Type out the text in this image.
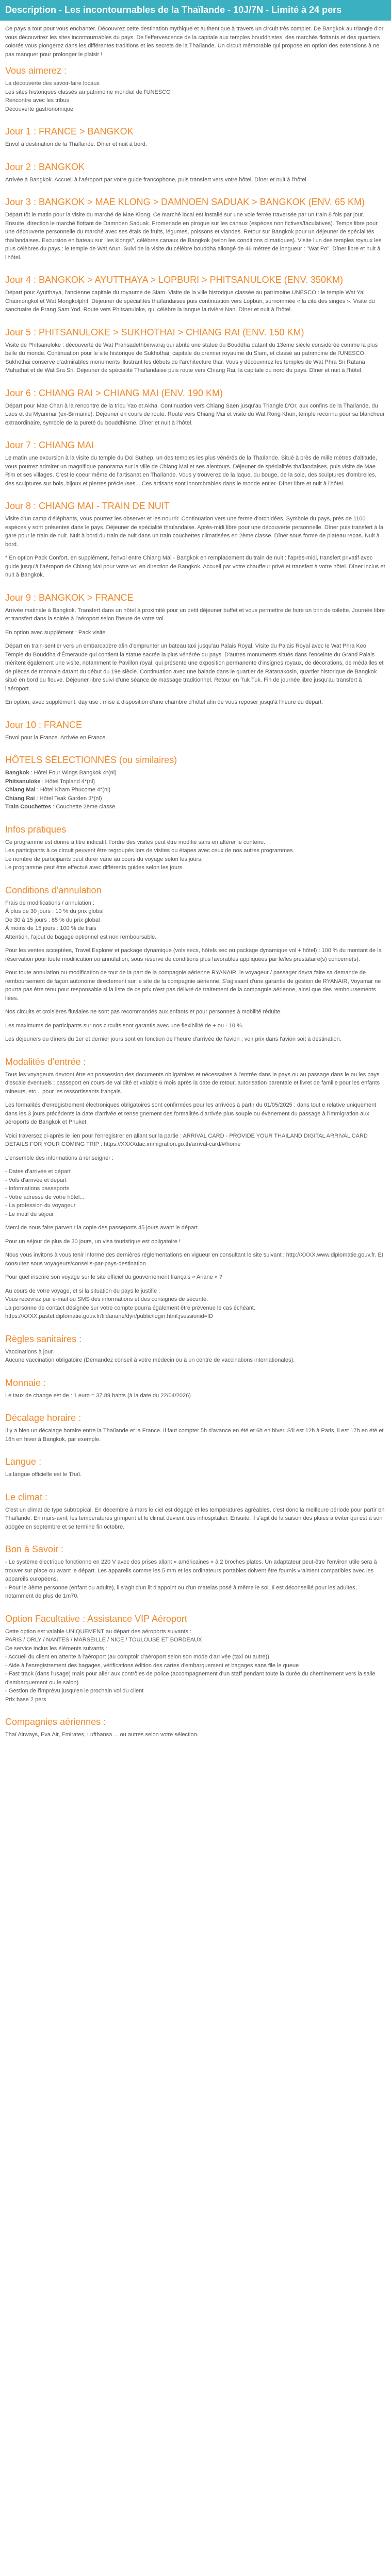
Description - Les incontournables de la Thaïlande - 10J/7N - Limité à 24 pers

Ce pays a tout pour vous enchanter. Découvrez cette destination mythique et authentique à travers un circuit très complet. De Bangkok au triangle d'or, vous découvrirez les sites incontournables du pays. De l'effervescence de la capitale aux temples bouddhistes, des marchés flottants et des quartiers colorés vous plongerez dans les différentes traditions et les secrets de la Thaïlande. Un circuit mémorable qui propose en option des extensions à ne pas manquer pour prolonger le plaisir !

Vous aimerez :
La découverte des savoir-faire locaux
Les sites historiques classés au patrimoine mondial de l'UNESCO
Rencontre avec les tribus
Découverte gastronomique
Jour 1 : FRANCE > BANGKOK

Envol à destination de la Thaïlande. Dîner et nuit à bord.

Jour 2 : BANGKOK

Arrivée à Bangkok. Accueil à l'aéroport par votre guide francophone, puis transfert vers votre hôtel. Dîner et nuit à l'hôtel.

Jour 3 : BANGKOK > MAE KLONG > DAMNOEN SADUAK > BANGKOK (ENV. 65 KM)

Départ tôt le matin pour la visite du marché de Mae Klong. Ce marché local est installé sur une voie ferrée traversée par un train 8 fois par jour. Ensuite, direction le marché flottant de Damnoen Saduak. Promenade en pirogue sur les canaux (espèces non fictives/faculatives). Temps libre pour une découverte personnelle du marché avec ses étals de fruits, légumes, poissons et viandes. Retour sur Bangkok pour un déjeuner de spécialités thaïlandaises. Excursion en bateau sur "les klongs", célèbres canaux de Bangkok (selon les conditions climatiques). Visite l'un des temples royaux les plus célèbres du pays : le temple de Wat Arun. Suivi de la visite du célèbre bouddha allongé de 46 mètres de longueur : "Wat Po". Dîner libre et nuit à l'hôtel.

Jour 4 : BANGKOK > AYUTTHAYA > LOPBURI > PHITSANULOKE (ENV. 350KM)

Départ pour Ayutthaya, l'ancienne capitale du royaume de Siam. Visite de la ville historique classée au patrimoine UNESCO : le temple Wat Yai Chaimongkol et Wat Mongkolphit. Déjeuner de spécialités thaïlandaises puis continuation vers Lopburi, surnommée « la cité des singes ». Visite du sanctuaire de Prang Sam Yod. Route vers Phitsanuloke, qui célèbre la langue la rivière Nan. Dîner et nuit à l'hôtel.

Jour 5 : PHITSANULOKE > SUKHOTHAI > CHIANG RAI (ENV. 150 KM)

Visite de Phitsanuloke : découverte de Wat Prahsadethbinwaraj qui abrite une statue du Bouddha datant du 13ème siècle considérée comme la plus belle du monde. Continuation pour le site historique de Sukhothai, capitale du premier royaume du Siam, et classé au patrimoine de l'UNESCO. Sukhothai conserve d'admirables monuments illustrant les débuts de l'architecture thaï. Vous y découvrirez les temples de Wat Phra Sri Ratana Mahathat et de Wat Sra Sri. Déjeuner de spécialité Thaïlandaise puis route vers Chiang Rai, la capitale du nord du pays. Dîner et nuit à l'hôtel.

Jour 6 : CHIANG RAI > CHIANG MAI (ENV. 190 KM)

Départ pour Mae Chan à la rencontre de la tribu Yao et Akha. Continuation vers Chiang Saen jusqu'au Triangle D'Or, aux confins de la Thaïlande, du Laos et du Myanmar (ex-Birmanie). Déjeuner en cours de route. Route vers Chiang Mai et visite du Wat Rong Khun, temple reconnu pour sa blancheur extraordinaire, symbole de la pureté du bouddhisme. Dîner et nuit à l'hôtel.

Jour 7 : CHIANG MAI

Le matin une excursion à la visite du temple du Doi Suthep, un des temples les plus vénérés de la Thaïlande. Situé à près de mille mètres d'altitude, vous pourrez admirer un magnifique panorama sur la ville de Chiang Mai et ses alentours. Déjeuner de spécialités thaïlandaises, puis visite de Mae Rim et ses villages. C'est le coeur même de l'artisanat en Thaïlande. Vous y trouverez de la laque, du bouge, de la soie, des sculptures d'ombrelles, des sculptures sur bois, bijoux et pierres précieuses... Ces artisans sont innombrables dans le monde entier. Dîner libre et nuit à l'hôtel.

Jour 8 : CHIANG MAI - TRAIN DE NUIT

Visite d'un camp d'éléphants, vous pourrez les observer et les nourrir. Continuation vers une ferme d'orchidées. Symbole du pays, près de 1100 espèces y sont présentes dans le pays. Déjeuner de spécialité thaïlandaise. Après-midi libre pour une découverte personnelle. Dîner puis transfert à la gare pour le train de nuit. Nuit à bord du train de nuit dans un train couchettes climatisées en 2ème classe. Dîner sous forme de plateau repas. Nuit à bord.

* En option Pack Confort, en supplément, l'envol entre Chiang Mai - Bangkok en remplacement du train de nuit : l'après-midi, transfert privatif avec guide jusqu'à l'aéroport de Chiang Mai pour votre vol en direction de Bangkok. Accueil par votre chauffeur privé et transfert à votre hôtel. Dîner inclus et nuit à Bangkok.

Jour 9 : BANGKOK > FRANCE

Arrivée matinale à Bangkok. Transfert dans un hôtel à proximité pour un petit déjeuner buffet et vous permettre de faire un brin de toilette. Journée libre et transfert dans la soirée à l'aéroport selon l'heure de votre vol.

En option avec supplément : Pack visite

Départ en train-sentier vers un embarcadère afin d'emprunter un bateau taxi jusqu'au Palais Royal. Visite du Palais Royal avec le Wat Phra Keo Temple du Bouddha d'Émeraude qui contient la statue sacrée la plus vénérée du pays. D'autres monuments situés dans l'enceinte du Grand Palais méritent également une visite, notamment le Pavillon royal, qui présente une exposition permanente d'insignes royaux, de décorations, de médailles et de pièces de monnaie datant du début du 19e siècle. Continuation avec une balade dans le quartier de Ratanakosin, quartier historique de Bangkok situé en bord du fleuve. Déjeuner libre suivi d'une séance de massage traditionnel. Retour en Tuk Tuk. Fin de journée libre jusqu'au transfert à l'aéroport.

En option, avec supplément, day use : mise à disposition d'une chambre d'hôtel afin de vous reposer jusqu'à l'heure du départ.

Jour 10 : FRANCE

Envol pour la France. Arrivée en France.

HÔTELS SÉLECTIONNÉS (ou similaires)
Bangkok : Hôtel Four Wings Bangkok 4*(nl)
Phitsanuloke : Hôtel Topland 4*(nl)
Chiang Mai : Hôtel Kham Phucome 4*(nl)
Chiang Rai : Hôtel Teak Garden 3*(nl)
Train Couchettes : Couchette 2ème classe
Infos pratiques
Ce programme est donné à titre indicatif, l'ordre des visites peut être modifié sans en altérer le contenu.
Les participants à ce circuit peuvent être regroupés lors de visites ou étapes avec ceux de nos autres programmes.
Le nombre de participants peut durer varie au cours du voyage selon les jours.
Le programme peut être effectué avec différents guides selon les jours.
Conditions d'annulation
Frais de modifications / annulation :
À plus de 30 jours : 10 % du prix global
De 30 à 15 jours : 85 % du prix global
À moins de 15 jours : 100 % de frais
Attention, l'ajout de bagage optionnel est non remboursable.

Pour les ventes acceptées, Travel Explorer et package dynamique (vols secs, hôtels sec ou package dynamique vol + hôtel) : 100 % du montant de la réservation pour toute modification ou annulation, sous réserve de conditions plus favorables appliquées par le/les prestataire(s) concerné(s).

Pour toute annulation ou modification de tout de la part de la compagnie aérienne RYANAIR, le voyageur / passager devra faire sa demande de remboursement de façon autonome directement sur le site de la compagnie aérienne. S'agissant d'une garantie de gestion de RYANAIR, Voyamar ne pourra pas être tenu pour responsable si la liste de ce prix n'est pas délivré de traitement de la compagnie aérienne, ainsi que des remboursements liées.

Nos circuits et croisières fluviales ne sont pas recommandés aux enfants et pour personnes à mobilité réduite.

Les maximums de participants sur nos circuits sont garantis avec une flexibilité de + ou - 10 %.

Les déjeuners ou dîners du 1er et dernier jours sont en fonction de l'heure d'arrivée de l'avion ; voir prix dans l'avion soit à destination.

Modalités d'entrée :

Tous les voyageurs devront être en possession des documents obligatoires et nécessaires à l'entrée dans le pays ou au passage dans le ou les pays d'escale éventuels ; passeport en cours de validité et valable 6 mois après la date de retour, autorisation parentale et livret de famille pour les enfants mineurs, etc... pour les ressortissants français.

Les formalités d'enregistrement électroniques obligatoires sont confirmées pour les arrivées à partir du 01/05/2025 : dans tout e relative uniquement dans les 3 jours précédents la date d'arrivée et renseignement des formalités d'arrivée plus souple ou évènement du passage à l'immigration aux aéroports de Bangkok et Phuket.

Voici traversez ci-après le lien pour l'enregistrer en allant sur la partie : ARRIVAL CARD - PROVIDE YOUR THAILAND DIGITAL ARRIVAL CARD DETAILS FOR YOUR COMING TRIP : https://XXXXdac.immigration.go.th/arrival-card/#/home

L'ensemble des informations à renseigner :

- Dates d'arrivée et départ
- Vols d'arrivée et départ
- Informations passeports
- Votre adresse de votre hôtel...
- La profession du voyageur
- Le motif du séjour

Merci de nous faire parvenir la copie des passeports 45 jours avant le départ.

Pour un séjour de plus de 30 jours, un visa touristique est obligatoire !

Nous vous invitons à vous tenir informé des dernières réglementations en vigueur en consultant le site suivant : http://XXXX.www.diplomatie.gouv.fr. Et consultez sous voyageurs/conseils-par-pays-destination

Pour quel inscrire son voyage sur le site officiel du gouvernement français « Ariane » ?

Au cours de votre voyage, et si la situation du pays le justifie :
Vous recevrez par e-mail ou SMS des informations et des consignes de sécurité.
La personne de contact désignée sur votre compte pourra également être prévenue le cas échéant.
https://XXXX.pastel.diplomatie.gouv.fr/fildariane/dyn/public/login.html;jsessionid=ID
Règles sanitaires :
Vaccinations à jour.
Aucune vaccination obligatoire (Demandez conseil à votre médecin ou à un centre de vaccinations internationales).
Monnaie :

Le taux de change est de : 1 euro = 37.89 bahts (à la date du 22/04/2026)

Décalage horaire :

Il y a bien un décalage horaire entre la Thaïlande et la France. Il faut compter 5h d'avance en été et 6h en hiver. S'il est 12h à Paris, il est 17h en été et 18h en hiver à Bangkok, par exemple.

Langue :

La langue officielle est le Thaï.

Le climat :

C'est un climat de type subtropical. En décembre à mars le ciel est dégagé et les températures agréables, c'est donc la meilleure période pour partir en Thaïlande. En mars-avril, les températures grimpent et le climat devient très inhospitalier. Ensuite, il s'agit de la saison des pluies à éviter qui est à son apogée en septembre et se termine fin octobre.

Bon à Savoir :

- Le système électrique fonctionne en 220 V avec des prises allant « américaines » à 2 broches plates. Un adaptateur peut-être l'environ utile sera à trouver sur place ou avant le départ. Les appareils comme les 5 mm et les ordinateurs portables doivent être fournis vraiment compatibles avec les appareils européens.
- Pour le 3ème personne (enfant ou adulte), il s'agit d'un lit d'appoint ou d'un matelas posé à même le sol. Il est déconseillé pour les adultes, notamment de plus de 1m70.

Option Facultative : Assistance VIP Aéroport
Cette option est valable UNIQUEMENT au départ des aéroports suivants :
PARIS / ORLY / NANTES / MARSEILLE / NICE / TOULOUSE ET BORDEAUX
Ce service inclus les éléments suivants :
- Accueil du client en attente à l'aéroport (au comptoir d'aéroport selon son mode d'arrivée (taxi ou autre))
- Aide à l'enregistrement des bagages, vérifications édition des cartes d'embarquement et bagages sans file le queue
- Fast track (dans l'usage) mais pour aller aux contrôles de police (accompagnement d'un staff pendant toute la durée du cheminement vers la salle d'embarquement ou le salon)
- Gestion de l'imprévu jusqu'en le prochain vol du client
Prix base 2 pers
Compagnies aériennes :

Thaï Airways, Eva Air, Emirates, Lufthansa ... ou autres selon votre sélection.
